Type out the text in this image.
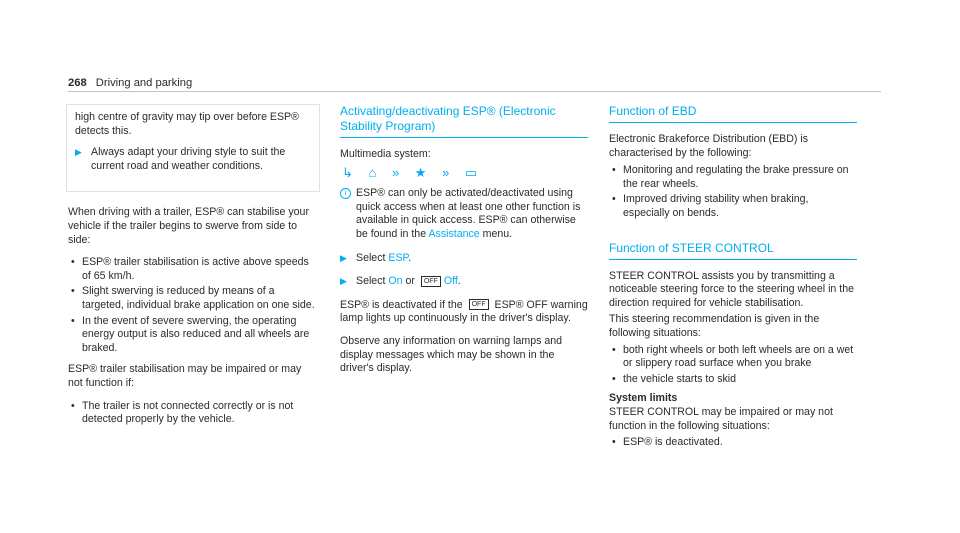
268 Driving and parking

high centre of gravity may tip over before ESP® detects this.

▶ Always adapt your driving style to suit the current road and weather conditions.

When driving with a trailer, ESP® can stabilise your vehicle if the trailer begins to swerve from side to side:

• ESP® trailer stabilisation is active above speeds of 65 km/h.
• Slight swerving is reduced by means of a targeted, individual brake application on one side.
• In the event of severe swerving, the operating energy output is also reduced and all wheels are braked.

ESP® trailer stabilisation may be impaired or may not function if:

• The trailer is not connected correctly or is not detected properly by the vehicle.
Activating/deactivating ESP® (Electronic Stability Program)

Multimedia system:

↳ ⌂ » ★ » ▭
i ESP® can only be activated/deactivated using quick access when at least one other function is available in quick access. ESP® can otherwise be found in the Assistance menu.
▶ Select ESP.
▶ Select On or OFF Off.

ESP® is deactivated if the OFF ESP® OFF warning lamp lights up continuously in the driver's display.

Observe any information on warning lamps and display messages which may be shown in the driver's display.

Function of EBD

Electronic Brakeforce Distribution (EBD) is characterised by the following:

• Monitoring and regulating the brake pressure on the rear wheels.
• Improved driving stability when braking, especially on bends.
Function of STEER CONTROL

STEER CONTROL assists you by transmitting a noticeable steering force to the steering wheel in the direction required for vehicle stabilisation.

This steering recommendation is given in the following situations:

• both right wheels or both left wheels are on a wet or slippery road surface when you brake
• the vehicle starts to skid
System limits

STEER CONTROL may be impaired or may not function in the following situations:

• ESP® is deactivated.
